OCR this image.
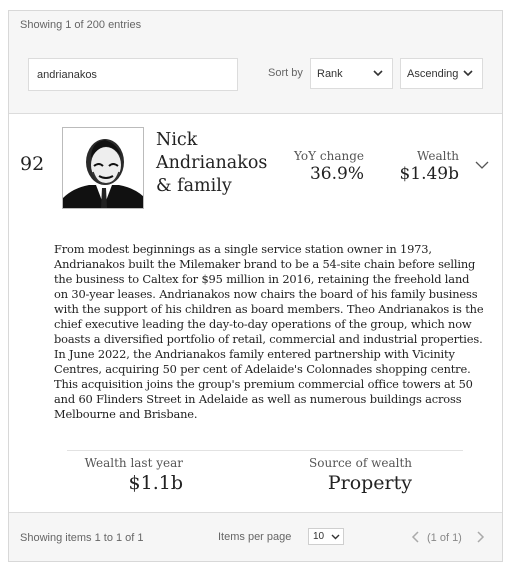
Showing 1 of 200 entries
andrianakos
Sort by Rank	Ascending
92
Nick
Andrianakos
& family
YoY change
36.9%
Wealth
$1.49b
From modest beginnings as a single service station owner in 1973, Andrianakos built the Milemaker brand to be a 54-site chain before selling the business to Caltex for $95 million in 2016, retaining the freehold land on 30-year leases. Andrianakos now chairs the board of his family business with the support of his children as board members. Theo Andrianakos is the chief executive leading the day-to-day operations of the group, which now boasts a diversified portfolio of retail, commercial and industrial properties. In June 2022, the Andrianakos family entered partnership with Vicinity Centres, acquiring 50 per cent of Adelaide's Colonnades shopping centre. This acquisition joins the group's premium commercial office towers at 50 and 60 Flinders Street in Adelaide as well as numerous buildings across Melbourne and Brisbane.
Wealth last year
$1.1b
Source of wealth
Property
Showing items 1 to 1 of 1	Items per page 10	(1 of 1)
